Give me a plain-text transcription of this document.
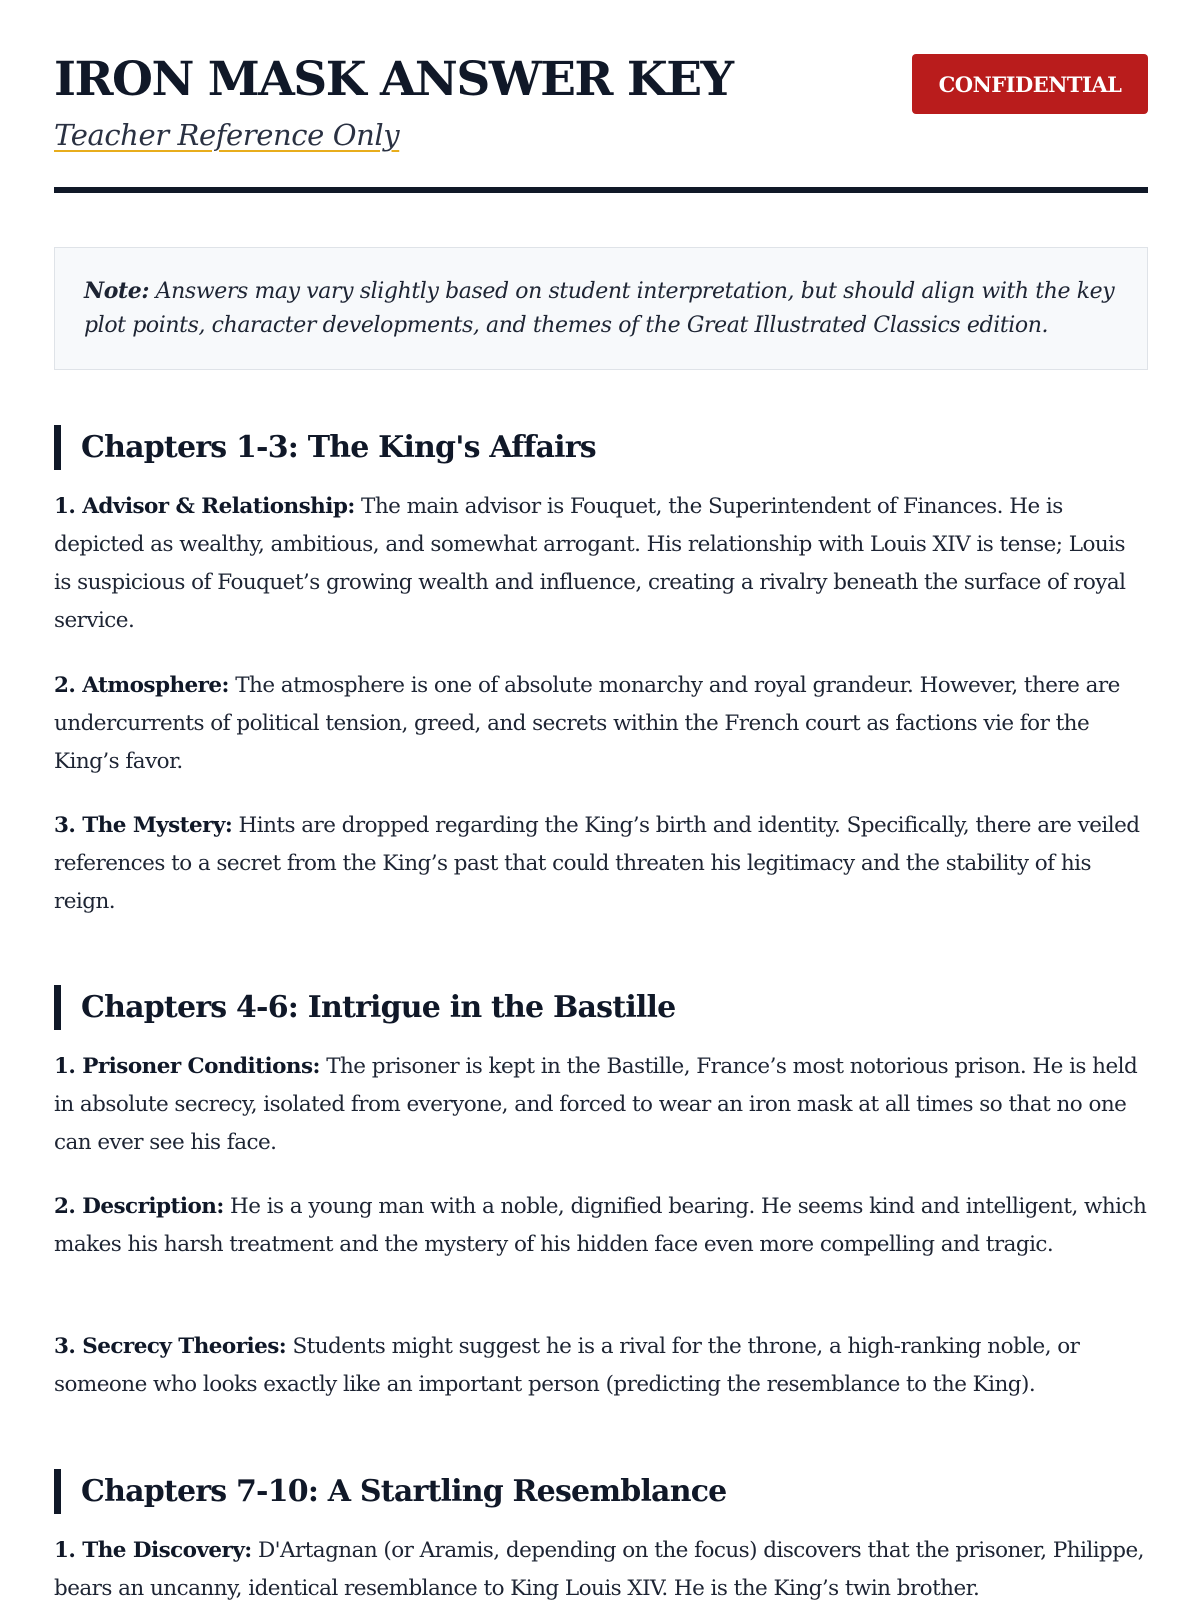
IRON MASK ANSWER KEY
Teacher Reference Only
CONFIDENTIAL
Note: Answers may vary slightly based on student interpretation, but should align with the key plot points, character developments, and themes of the Great Illustrated Classics edition.
Chapters 1-3: The King's Affairs

1. Advisor & Relationship: The main advisor is Fouquet, the Superintendent of Finances. He is depicted as wealthy, ambitious, and somewhat arrogant. His relationship with Louis XIV is tense; Louis is suspicious of Fouquet’s growing wealth and influence, creating a rivalry beneath the surface of royal service.

2. Atmosphere: The atmosphere is one of absolute monarchy and royal grandeur. However, there are undercurrents of political tension, greed, and secrets within the French court as factions vie for the King’s favor.

3. The Mystery: Hints are dropped regarding the King’s birth and identity. Specifically, there are veiled references to a secret from the King’s past that could threaten his legitimacy and the stability of his reign.

Chapters 4-6: Intrigue in the Bastille

1. Prisoner Conditions: The prisoner is kept in the Bastille, France’s most notorious prison. He is held in absolute secrecy, isolated from everyone, and forced to wear an iron mask at all times so that no one can ever see his face.

2. Description: He is a young man with a noble, dignified bearing. He seems kind and intelligent, which makes his harsh treatment and the mystery of his hidden face even more compelling and tragic.

3. Secrecy Theories: Students might suggest he is a rival for the throne, a high-ranking noble, or someone who looks exactly like an important person (predicting the resemblance to the King).

Chapters 7-10: A Startling Resemblance

1. The Discovery: D'Artagnan (or Aramis, depending on the focus) discovers that the prisoner, Philippe, bears an uncanny, identical resemblance to King Louis XIV. He is the King’s twin brother.
